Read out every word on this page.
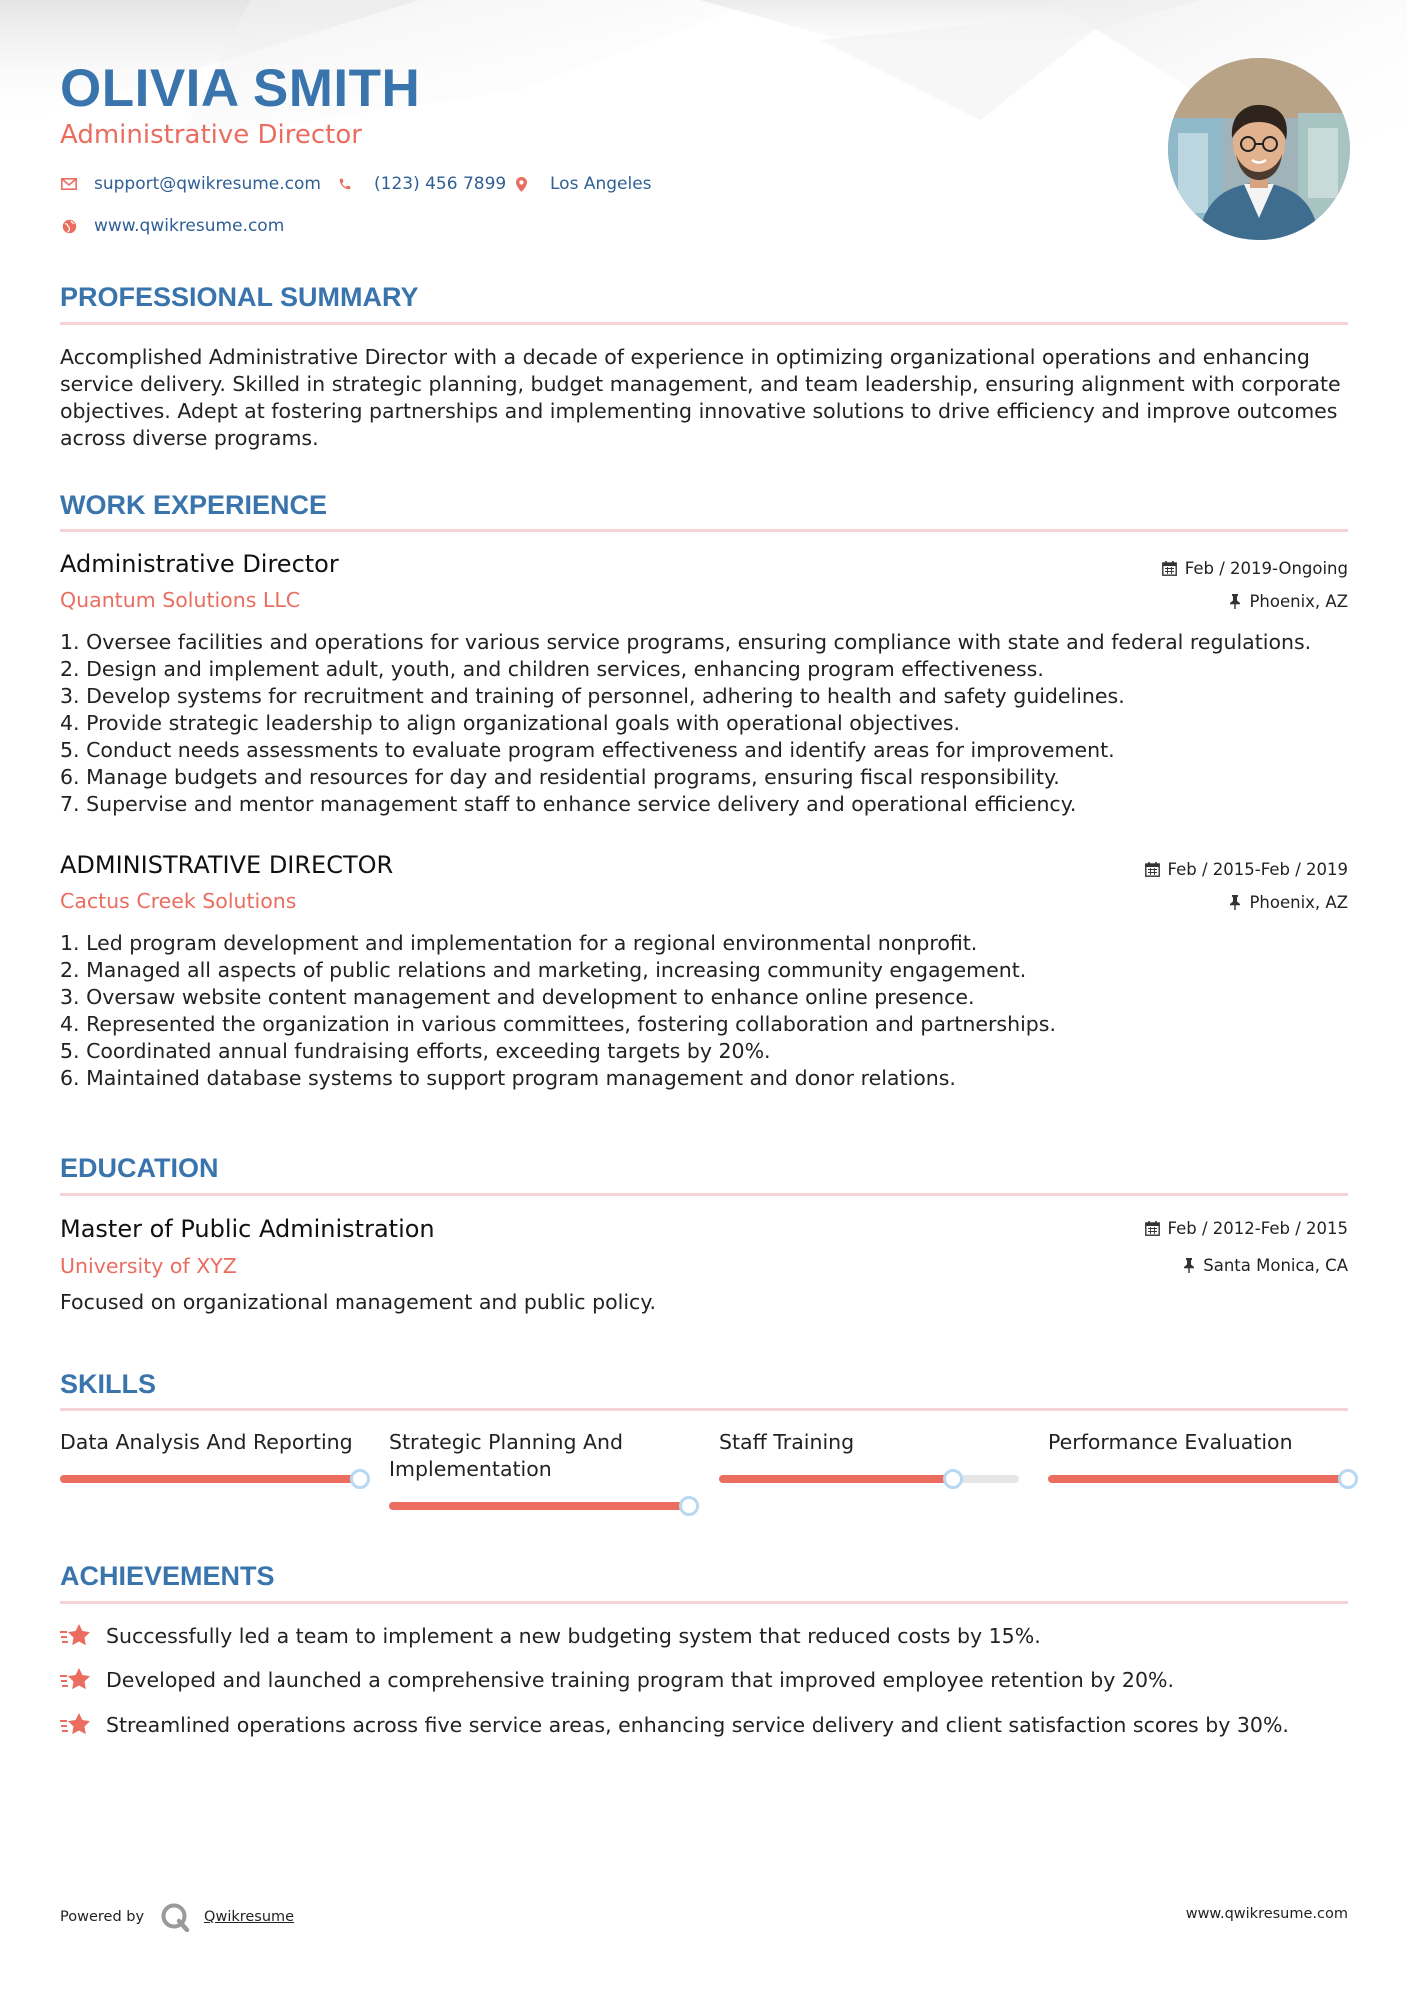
OLIVIA SMITH
Administrative Director
support@qwikresume.com	(123) 456 7899	Los Angeles
www.qwikresume.com
PROFESSIONAL SUMMARY
Accomplished Administrative Director with a decade of experience in optimizing organizational operations and enhancing service delivery. Skilled in strategic planning, budget management, and team leadership, ensuring alignment with corporate objectives. Adept at fostering partnerships and implementing innovative solutions to drive efficiency and improve outcomes across diverse programs.
WORK EXPERIENCE
Administrative Director
Quantum Solutions LLC
Feb / 2019-Ongoing
Phoenix, AZ
1. Oversee facilities and operations for various service programs, ensuring compliance with state and federal regulations.
2. Design and implement adult, youth, and children services, enhancing program effectiveness.
3. Develop systems for recruitment and training of personnel, adhering to health and safety guidelines.
4. Provide strategic leadership to align organizational goals with operational objectives.
5. Conduct needs assessments to evaluate program effectiveness and identify areas for improvement.
6. Manage budgets and resources for day and residential programs, ensuring fiscal responsibility.
7. Supervise and mentor management staff to enhance service delivery and operational efficiency.
ADMINISTRATIVE DIRECTOR
Cactus Creek Solutions
Feb / 2015-Feb / 2019
Phoenix, AZ
1. Led program development and implementation for a regional environmental nonprofit.
2. Managed all aspects of public relations and marketing, increasing community engagement.
3. Oversaw website content management and development to enhance online presence.
4. Represented the organization in various committees, fostering collaboration and partnerships.
5. Coordinated annual fundraising efforts, exceeding targets by 20%.
6. Maintained database systems to support program management and donor relations.
EDUCATION
Master of Public Administration
University of XYZ
Feb / 2012-Feb / 2015
Santa Monica, CA
Focused on organizational management and public policy.
SKILLS
Data Analysis And Reporting	Strategic Planning And Implementation
Staff Training	Performance Evaluation
ACHIEVEMENTS
Successfully led a team to implement a new budgeting system that reduced costs by 15%.
Developed and launched a comprehensive training program that improved employee retention by 20%.
Streamlined operations across five service areas, enhancing service delivery and client satisfaction scores by 30%.
Powered by	Qwikresume	www.qwikresume.com
